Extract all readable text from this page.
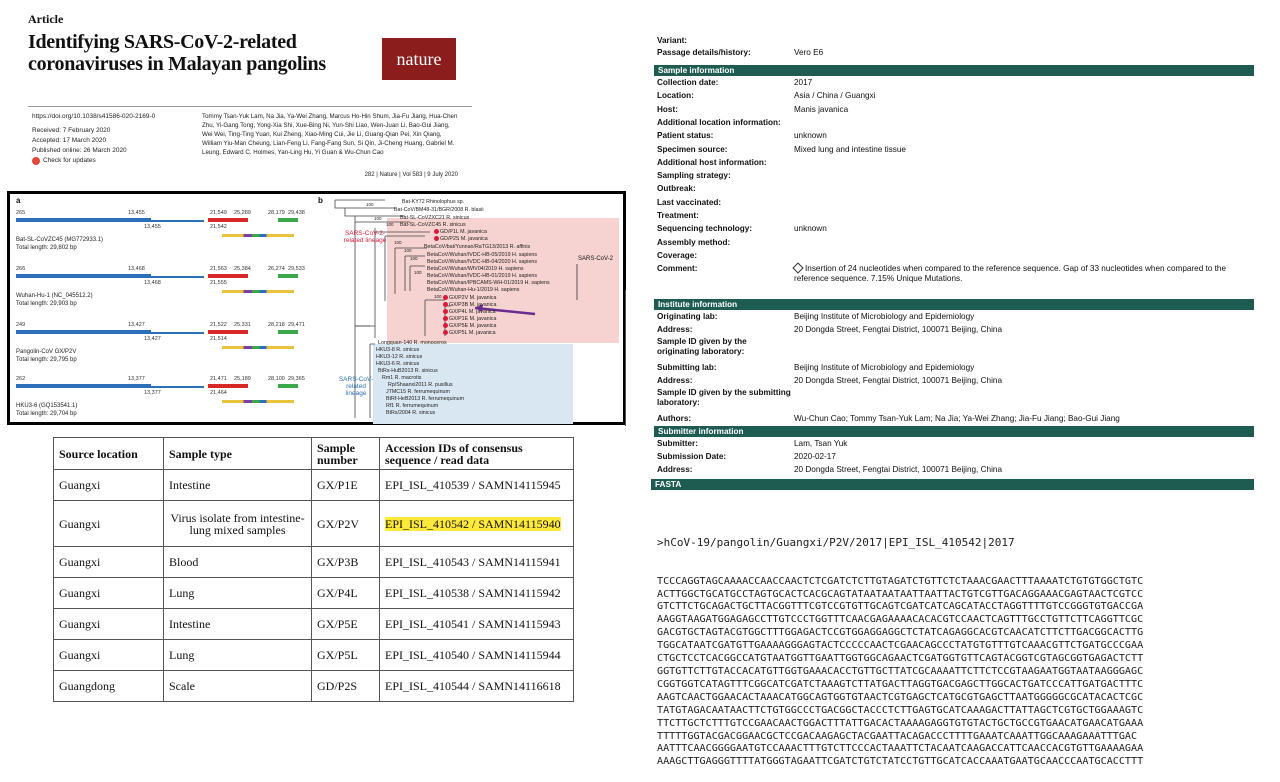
Article
Identifying SARS-CoV-2-related coronaviruses in Malayan pangolins	nature
https://doi.org/10.1038/s41586-020-2169-0
Received: 7 February 2020
Accepted: 17 March 2020
Published online: 26 March 2020
Check for updates
Tommy Tsan-Yuk Lam, Na Jia, Ya-Wei Zhang, Marcus Ho-Hin Shum, Jia-Fu Jiang, Hua-Chen Zhu, Yi-Gang Tong, Yong-Xia Shi, Xue-Bing Ni, Yun-Shi Liao, Wen-Juan Li, Bao-Gui Jiang, Wei Wei, Ting-Ting Yuan, Kui Zheng, Xiao-Ming Cui, Jie Li, Guang-Qian Pei, Xin Qiang, William Yiu-Man Cheung, Lian-Feng Li, Fang-Fang Sun, Si Qin, Ji-Cheng Huang, Gabriel M. Leung, Edward C. Holmes, Yan-Ling Hu, Yi Guan & Wu-Chun Cao
282 | Nature | Vol 583 | 9 July 2020
a	b
265	13,455
13,455
21,549 25,289
21,542
28,179 29,438
Bat-SL-CoVZC45 (MG772933.1)
Total length: 29,802 bp
266	13,468
13,468
21,563 25,384
21,555
26,274 29,533
Wuhan-Hu-1 (NC_045512.2)
Total length: 29,903 bp
249	13,427
13,427
21,522 25,331
21,514
28,218 29,471
Pangolin-CoV GX/P2V
Total length: 29,795 bp
262	13,377
13,377
21,471 25,189
21,464
28,100 29,365
HKU3-6 (GQ153541.1)
Total length: 29,704 bp
Bat-KY72 Rhinolophus sp.
Bat-CoV/BM48-31/BGR/2008 R. blasii
Bat-SL-CoVZXC21 R. sinicus
Bat-SL-CoVZC45 R. sinicus
GD/P1L M. javanica
GD/P2S M. javanica
BetaCoV/bat/Yunnan/RaTG13/2013 R. affinis
BetaCoV/Wuhan/IVDC-HB-05/2019 H. sapiens
BetaCoV/Wuhan/IVDC-HB-04/2020 H. sapiens
BetaCoV/Wuhan/WIV04/2019 H. sapiens
BetaCoV/Wuhan/IVDC-HB-01/2019 H. sapiens
BetaCoV/Wuhan/IPBCAMS-WH-01/2019 H. sapiens
BetaCoV/Wuhan-Hu-1/2019 H. sapiens
GX/P2V M. javanica
GX/P3B M. javanica
GX/P4L M. javanica
GX/P1E M. javanica
GX/P5E M. javanica
GX/P5L M. javanica
Longquan-140 R. monoceros
HKU3-8 R. sinicus
HKU3-12 R. sinicus
HKU3-6 R. sinicus
BtRs-HuB2013 R. sinicus
Rm1 R. macrotis
Rp/Shaanxi2011 R. pusillus
JTMC15 R. ferrumequinum
BtRf-HeB2013 R. ferrumequinum
Rf1 R. ferrumequinum
BtRs/2004 R. sinicus
100
100
100
100
100
100
100
100
SARS-CoV-2-related lineage
SARS-CoV-related lineage
SARS-CoV-2
Source location	Sample type	Sample number	Accession IDs of consensus sequence / read data
Guangxi	Intestine	GX/P1E	EPI_ISL_410539 / SAMN14115945
Guangxi	Virus isolate from intestine-lung mixed samples	GX/P2V	EPI_ISL_410542 / SAMN14115940
Guangxi	Blood	GX/P3B	EPI_ISL_410543 / SAMN14115941
Guangxi	Lung	GX/P4L	EPI_ISL_410538 / SAMN14115942
Guangxi	Intestine	GX/P5E	EPI_ISL_410541 / SAMN14115943
Guangxi	Lung	GX/P5L	EPI_ISL_410540 / SAMN14115944
Guangdong	Scale	GD/P2S	EPI_ISL_410544 / SAMN14116618
Variant:
Passage details/history:	Vero E6
Sample information
Collection date:	2017
Location:	Asia / China / Guangxi
Host:	Manis javanica
Additional location information:
Patient status:	unknown
Specimen source:	Mixed lung and intestine tissue
Additional host information:
Sampling strategy:
Outbreak:
Last vaccinated:
Treatment:
Sequencing technology:	unknown
Assembly method:
Coverage:
Comment:	Insertion of 24 nucleotides when compared to the reference sequence. Gap of 33 nucleotides when compared to the reference sequence. 7.15% Unique Mutations.
Institute information
Originating lab:	Beijing Institute of Microbiology and Epidemiology
Address:	20 Dongda Street, Fengtai District, 100071 Beijing, China
Sample ID given by the originating laboratory:
Submitting lab:	Beijing Institute of Microbiology and Epidemiology
Address:	20 Dongda Street, Fengtai District, 100071 Beijing, China
Sample ID given by the submitting laboratory:
Authors:	Wu-Chun Cao; Tommy Tsan-Yuk Lam; Na Jia; Ya-Wei Zhang; Jia-Fu Jiang; Bao-Gui Jiang
Submitter information
Submitter:	Lam, Tsan Yuk
Submission Date:	2020-02-17
Address:	20 Dongda Street, Fengtai District, 100071 Beijing, China
FASTA

>hCoV-19/pangolin/Guangxi/P2V/2017|EPI_ISL_410542|2017

TCCCAGGTAGCAAAACCAACCAACTCTCGATCTCTTGTAGATCTGTTCTCTAAACGAACTTTAAAATCTGTGTGGCTGTC
ACTTGGCTGCATGCCTAGTGCACTCACGCAGTATAATAATAATTAATTACTGTCGTTGACAGGAAACGAGTAACTCGTCC
GTCTTCTGCAGACTGCTTACGGTTTCGTCCGTGTTGCAGTCGATCATCAGCATACCTAGGTTTTGTCCGGGTGTGACCGA
AAGGTAAGATGGAGAGCCTTGTCCCTGGTTTCAACGAGAAAACACACGTCCAACTCAGTTTGCCTGTTCTTCAGGTTCGC
GACGTGCTAGTACGTGGCTTTGGAGACTCCGTGGAGGAGGCTCTATCAGAGGCACGTCAACATCTTCTTGACGGCACTTG
TGGCATAATCGATGTTGAAAAGGGAGTACTCCCCCAACTCGAACAGCCCTATGTGTTTGTCAAACGTTCTGATGCCCGAA
CTGCTCCTCACGGCCATGTAATGGTTGAATTGGTGGCAGAACTCGATGGTGTTCAGTACGGTCGTAGCGGTGAGACTCTT
GGTGTTCTTGTACCACATGTTGGTGAAACACCTGTTGCTTATCGCAAAATTCTTCTCCGTAAGAATGGTAATAAGGGAGC
CGGTGGTCATAGTTTCGGCATCGATCTAAAGTCTTATGACTTAGGTGACGAGCTTGGCACTGATCCCATTGATGACTTTC
AAGTCAACTGGAACACTAAACATGGCAGTGGTGTAACTCGTGAGCTCATGCGTGAGCTTAATGGGGGCGCATACACTCGC
TATGTAGACAATAACTTCTGTGGCCCTGACGGCTACCCTCTTGAGTGCATCAAAGACTTATTAGCTCGTGCTGGAAAGTC
TTCTTGCTCTTTGTCCGAACAACTGGACTTTATTGACACTAAAAGAGGTGTGTACTGCTGCCGTGAACATGAACATGAAA
TTTTTGGTACGACGGAACGCTCCGACAAGAGCTACGAATTACAGACCCTTTTGAAATCAAATTGGCAAAGAAATTTGAC
AATTTCAACGGGGAATGTCCAAACTTTGTCTTCCCACTAAATTCTACAATCAAGACCATTCAACCACGTGTTGAAAAGAA
AAAGCTTGAGGGTTTTATGGGTAGAATTCGATCTGTCTATCCTGTTGCATCACCAAATGAATGCAACCCAATGCACCTTT
